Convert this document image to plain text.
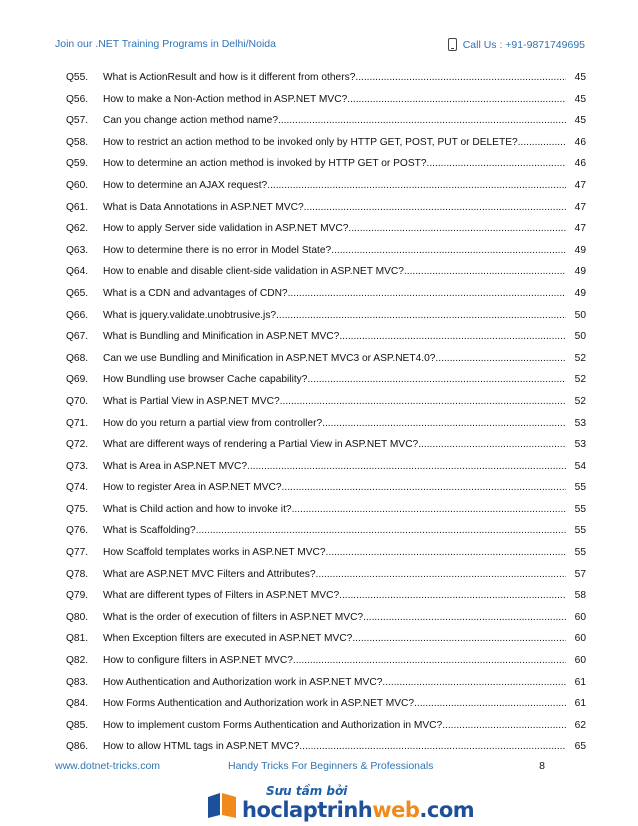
Join our .NET Training Programs in Delhi/Noida	Call Us : +91-9871749695
Q55.	What is ActionResult and how is it different from others? .....	45
Q56.	How to make a Non-Action method in ASP.NET MVC? .....	45
Q57.	Can you change action method name? .....	45
Q58.	How to restrict an action method to be invoked only by HTTP GET, POST, PUT or DELETE? .....	46
Q59.	How to determine an action method is invoked by HTTP GET or POST? .....	46
Q60.	How to determine an AJAX request? .....	47
Q61.	What is Data Annotations in ASP.NET MVC? .....	47
Q62.	How to apply Server side validation in ASP.NET MVC? .....	47
Q63.	How to determine there is no error in Model State? .....	49
Q64.	How to enable and disable client-side validation in ASP.NET MVC? .....	49
Q65.	What is a CDN and advantages of CDN? .....	49
Q66.	What is jquery.validate.unobtrusive.js? .....	50
Q67.	What is Bundling and Minification in ASP.NET MVC? .....	50
Q68.	Can we use Bundling and Minification in ASP.NET MVC3 or ASP.NET4.0? .....	52
Q69.	How Bundling use browser Cache capability? .....	52
Q70.	What is Partial View in ASP.NET MVC? .....	52
Q71.	How do you return a partial view from controller? .....	53
Q72.	What are different ways of rendering a Partial View in ASP.NET MVC? .....	53
Q73.	What is Area in ASP.NET MVC? .....	54
Q74.	How to register Area in ASP.NET MVC? .....	55
Q75.	What is Child action and how to invoke it? .....	55
Q76.	What is Scaffolding? .....	55
Q77.	How Scaffold templates works in ASP.NET MVC? .....	55
Q78.	What are ASP.NET MVC Filters and Attributes? .....	57
Q79.	What are different types of Filters in ASP.NET MVC? .....	58
Q80.	What is the order of execution of filters in ASP.NET MVC? .....	60
Q81.	When Exception filters are executed in ASP.NET MVC? .....	60
Q82.	How to configure filters in ASP.NET MVC? .....	60
Q83.	How Authentication and Authorization work in ASP.NET MVC? .....	61
Q84.	How Forms Authentication and Authorization work in ASP.NET MVC? .....	61
Q85.	How to implement custom Forms Authentication and Authorization in MVC? .....	62
Q86.	How to allow HTML tags in ASP.NET MVC? .....	65
www.dotnet-tricks.com	Handy Tricks For Beginners & Professionals	8
Sưu tầm bởi
hoclaptrinhweb.com
